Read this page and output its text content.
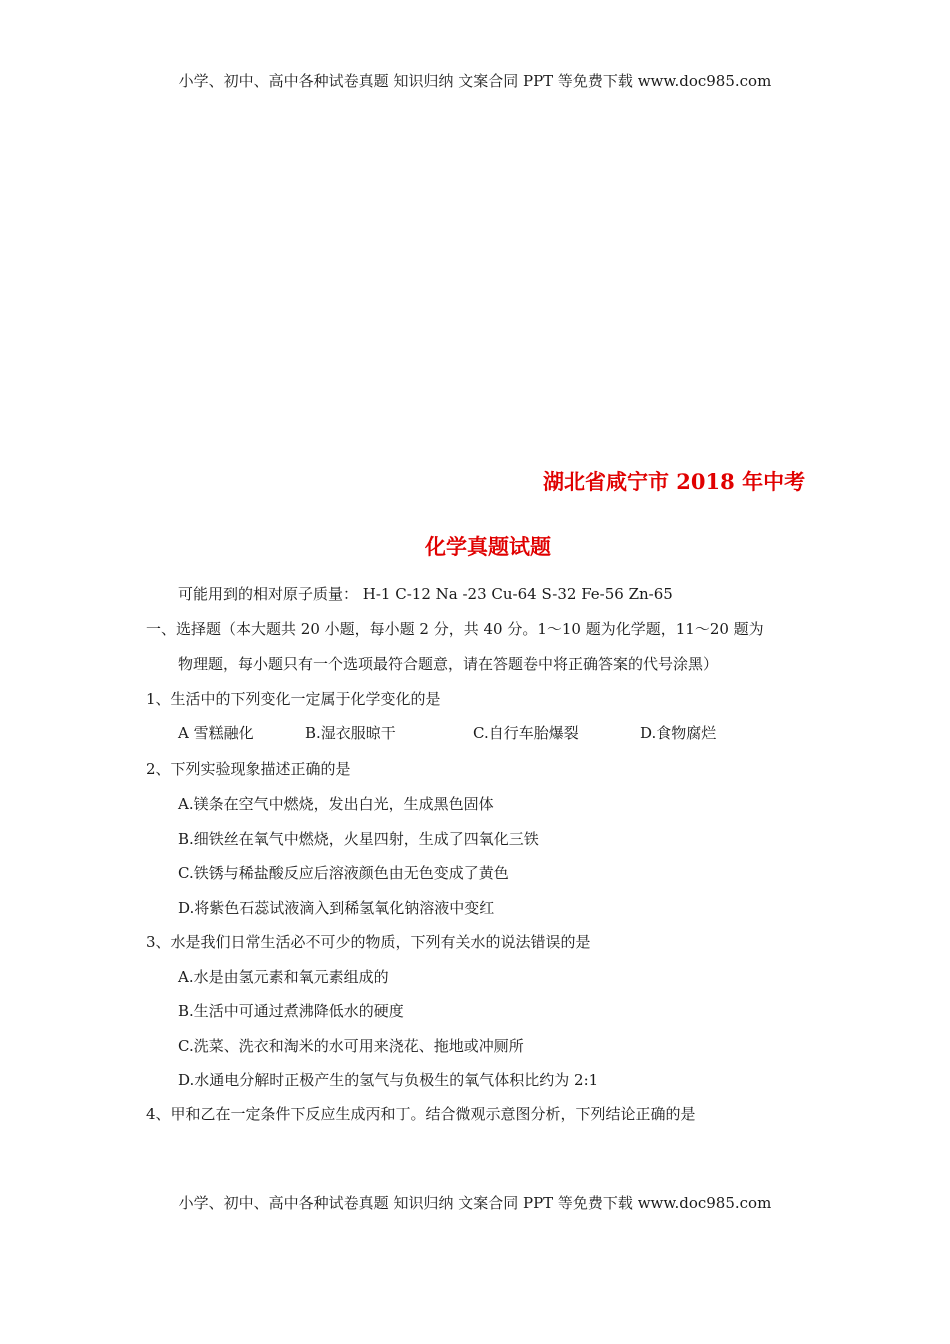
小学、初中、高中各种试卷真题 知识归纳 文案合同 PPT 等免费下载 www.doc985.com
湖北省咸宁市 2018 年中考
化学真题试题
可能用到的相对原子质量： H-1 C-12 Na -23 Cu-64 S-32 Fe-56 Zn-65
一、选择题（本大题共 20 小题，每小题 2 分，共 40 分。1～10 题为化学题，11～20 题为
物理题，每小题只有一个选项最符合题意，请在答题卷中将正确答案的代号涂黑）
1、生活中的下列变化一定属于化学变化的是
A 雪糕融化	B.湿衣服晾干	C.自行车胎爆裂	D.食物腐烂
2、下列实验现象描述正确的是
A.镁条在空气中燃烧，发出白光，生成黑色固体
B.细铁丝在氧气中燃烧，火星四射，生成了四氧化三铁
C.铁锈与稀盐酸反应后溶液颜色由无色变成了黄色
D.将紫色石蕊试液滴入到稀氢氧化钠溶液中变红
3、水是我们日常生活必不可少的物质，下列有关水的说法错误的是
A.水是由氢元素和氧元素组成的
B.生活中可通过煮沸降低水的硬度
C.洗菜、洗衣和淘米的水可用来浇花、拖地或冲厕所
D.水通电分解时正极产生的氢气与负极生的氧气体积比约为 2:1
4、甲和乙在一定条件下反应生成丙和丁。结合微观示意图分析，下列结论正确的是
小学、初中、高中各种试卷真题 知识归纳 文案合同 PPT 等免费下载 www.doc985.com
